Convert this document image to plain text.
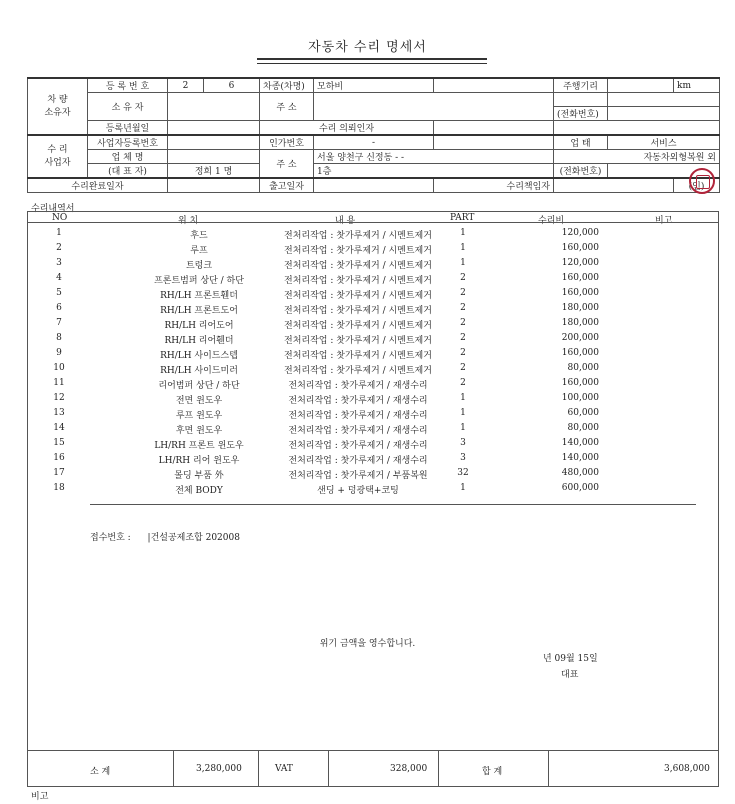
자동차 수리 명세서
차 량
소유자	등 록 번 호	2	6	차종(차명)	모하비		주행기리		km
	소 유 자			주 소					
							(전화번호)		
	등록년월일			수리 의뢰인자					
수 리
사업자	사업자등록번호			인가번호	-		업 태	서비스	
	업 체 명			주 소	서울 양천구 신정동 - -		자동차외형복원 외		
	(대 표 자)	정희 1 명			1층		(전화번호)		
수리완료일자				출고일자		수리책임자			(인)
수리내역서
NO	위 치	내 용	PART	수리비	비고
1	후드	전처리작업 : 찻가루제거 / 시멘트제거	1	120,000
2	루프	전처리작업 : 찻가루제거 / 시멘트제거	1	160,000
3	트렁크	전처리작업 : 찻가루제거 / 시멘트제거	1	120,000
4	프론트범퍼 상단 / 하단	전처리작업 : 찻가루제거 / 시멘트제거	2	160,000
5	RH/LH 프론트휀더	전처리작업 : 찻가루제거 / 시멘트제거	2	160,000
6	RH/LH 프론트도어	전처리작업 : 찻가루제거 / 시멘트제거	2	180,000
7	RH/LH 리어도어	전처리작업 : 찻가루제거 / 시멘트제거	2	180,000
8	RH/LH 리어휀더	전처리작업 : 찻가루제거 / 시멘트제거	2	200,000
9	RH/LH 사이드스텝	전처리작업 : 찻가루제거 / 시멘트제거	2	160,000
10	RH/LH 사이드미러	전처리작업 : 찻가루제거 / 시멘트제거	2	80,000
11	리어범퍼 상단 / 하단	전처리작업 : 찻가루제거 / 재생수리	2	160,000
12	전면 윈도우	전처리작업 : 찻가루제거 / 재생수리	1	100,000
13	루프 윈도우	전처리작업 : 찻가루제거 / 재생수리	1	60,000
14	후면 윈도우	전처리작업 : 찻가루제거 / 재생수리	1	80,000
15	LH/RH 프론트 윈도우	전처리작업 : 찻가루제거 / 재생수리	3	140,000
16	LH/RH 리어 윈도우	전처리작업 : 찻가루제거 / 재생수리	3	140,000
17	몰딩 부품 外	전처리작업 : 찻가루제거 / 부품복원	32	480,000
18	전체 BODY	샌딩 + 덩광택+코팅	1	600,000
접수번호 : |건설공제조합 202008
위기 금액을 영수합니다.
년 09월 15일
대표
소 계	3,280,000	VAT	328,000	합 계	3,608,000
비고
